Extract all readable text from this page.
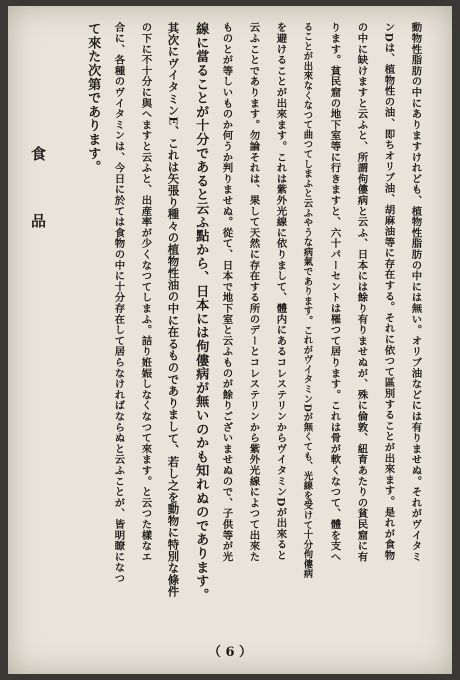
動物性脂肪の中にありますけれども、植物性脂肪の中には無い。オリブ油などには有りませぬ。それがヴイタミ
ンDは、植物性の油、即ちオリブ油、胡麻油等に存在する。それに依つて區別することが出來ます。是れが食物
の中に缺けますと云ふと、所謂佝僂病と云ふ、日本には餘り有りませぬが、殊に倫敦、紐育あたりの貧民窟に有
ります。貧民窟の地下室等に行きますと、六十パーセントは罹つて居ります。これは骨が軟くなつて、體を支へ
ることが出來なくなつて曲つてしまふと云ふやうな病氣であります。これがヴイタミンDが無くても、光線を受けて十分佝僂病
を避けることが出來ます。これは紫外光線に依りまして、體内にあるコレステリンからヴイタミンDが出來ると
云ふことであります。勿論それは、果して天然に存在する所のデーとコレステリンから紫外光線によつて出來た
ものとが等しいものか何うか判りませぬ。從て、日本で地下室と云ふものが餘りございませぬので、子供等が光
線に當ることが十分であると云ふ點から、日本には佝僂病が無いのかも知れぬのであります。
其次にヴイタミンE、これは矢張り種々の植物性油の中に在るものでありまして、若し之を動物に特別な條件
の下に不十分に與へますと云ふと、出産率が少くなつてしまふ。詰り姙娠しなくなつて來ます。と云つた樣なエ
合に、各種のヴイタミンは、今日に於ては食物の中に十分存在して居らなければならぬと云ふことが、皆明瞭になつ
て來た次第であります。
食品
（ 6 ）
